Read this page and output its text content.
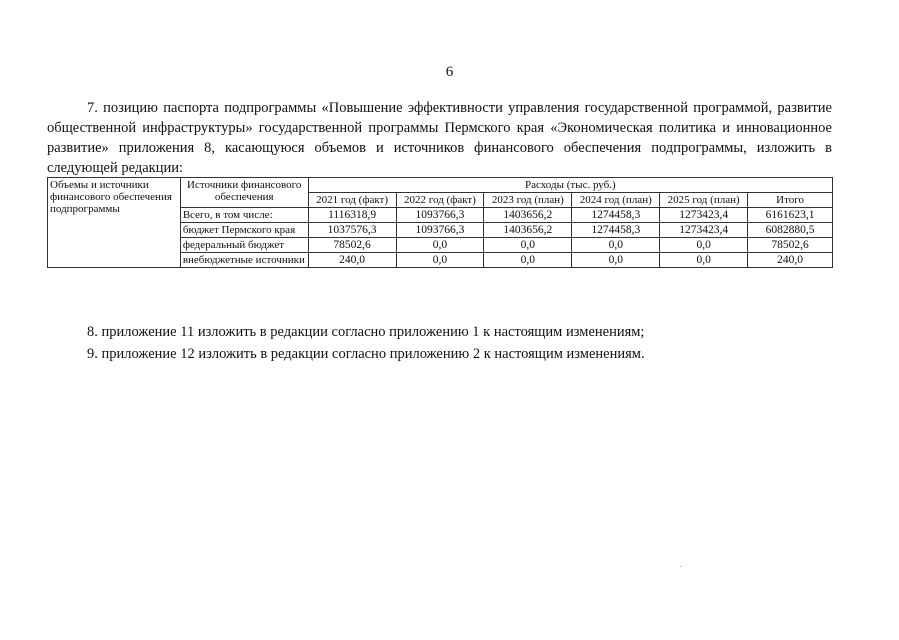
6
7. позицию паспорта подпрограммы «Повышение эффективности управления государственной программой, развитие общественной инфраструктуры» государственной программы Пермского края «Экономическая политика и инновационное развитие» приложения 8, касающуюся объемов и источников финансового обеспечения подпрограммы, изложить в следующей редакции:
Объемы и источники финансового обеспечения подпрограммы	Источники финансового обеспечения	Расходы (тыс. руб.)					
		2021 год (факт)	2022 год (факт)	2023 год (план)	2024 год (план)	2025 год (план)	Итого
	Всего, в том числе:	1116318,9	1093766,3	1403656,2	1274458,3	1273423,4	6161623,1
	бюджет Пермского края	1037576,3	1093766,3	1403656,2	1274458,3	1273423,4	6082880,5
	федеральный бюджет	78502,6	0,0	0,0	0,0	0,0	78502,6
	внебюджетные источники	240,0	0,0	0,0	0,0	0,0	240,0
8. приложение 11 изложить в редакции согласно приложению 1 к настоящим изменениям;
9. приложение 12 изложить в редакции согласно приложению 2 к настоящим изменениям.
